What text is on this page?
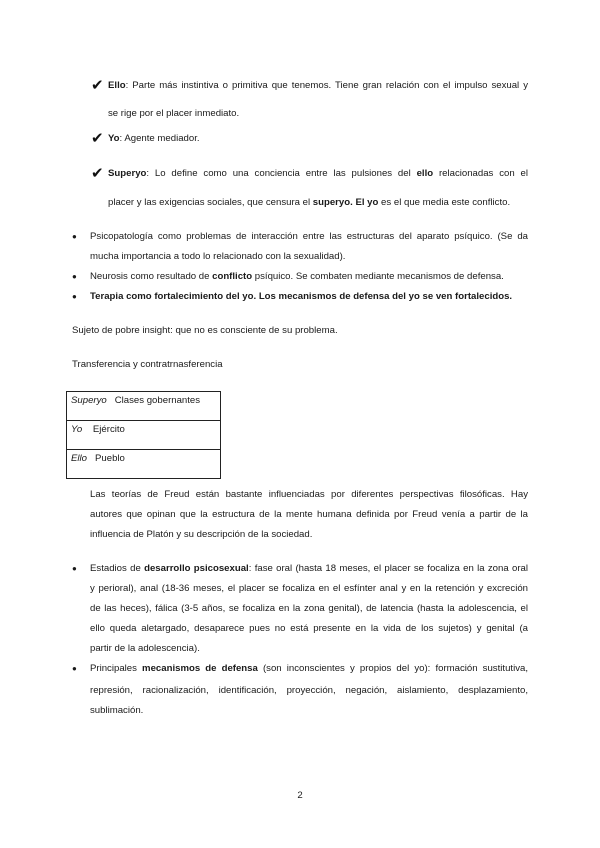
✔ Ello: Parte más instintiva o primitiva que tenemos. Tiene gran relación con el impulso sexual y
se rige por el placer inmediato.
✔ Yo: Agente mediador.
✔ Superyo: Lo define como una conciencia entre las pulsiones del ello relacionadas con el
placer y las exigencias sociales, que censura el superyo. El yo es el que media este conflicto.
● Psicopatología como problemas de interacción entre las estructuras del aparato psíquico. (Se da
mucha importancia a todo lo relacionado con la sexualidad).
● Neurosis como resultado de conflicto psíquico. Se combaten mediante mecanismos de defensa.
● Terapia como fortalecimiento del yo. Los mecanismos de defensa del yo se ven fortalecidos.
Sujeto de pobre insight: que no es consciente de su problema.
Transferencia y contratrnasferencia
Superyo Clases gobernantes
Yo Ejército
Ello Pueblo
Las teorías de Freud están bastante influenciadas por diferentes perspectivas filosóficas. Hay
autores que opinan que la estructura de la mente humana definida por Freud venía a partir de la
influencia de Platón y su descripción de la sociedad.
● Estadios de desarrollo psicosexual: fase oral (hasta 18 meses, el placer se focaliza en la zona oral
y perioral), anal (18-36 meses, el placer se focaliza en el esfínter anal y en la retención y excreción
de las heces), fálica (3-5 años, se focaliza en la zona genital), de latencia (hasta la adolescencia, el
ello queda aletargado, desaparece pues no está presente en la vida de los sujetos) y genital (a
partir de la adolescencia).
● Principales mecanismos de defensa (son inconscientes y propios del yo): formación sustitutiva,
represión, racionalización, identificación, proyección, negación, aislamiento, desplazamiento,
sublimación.
2
